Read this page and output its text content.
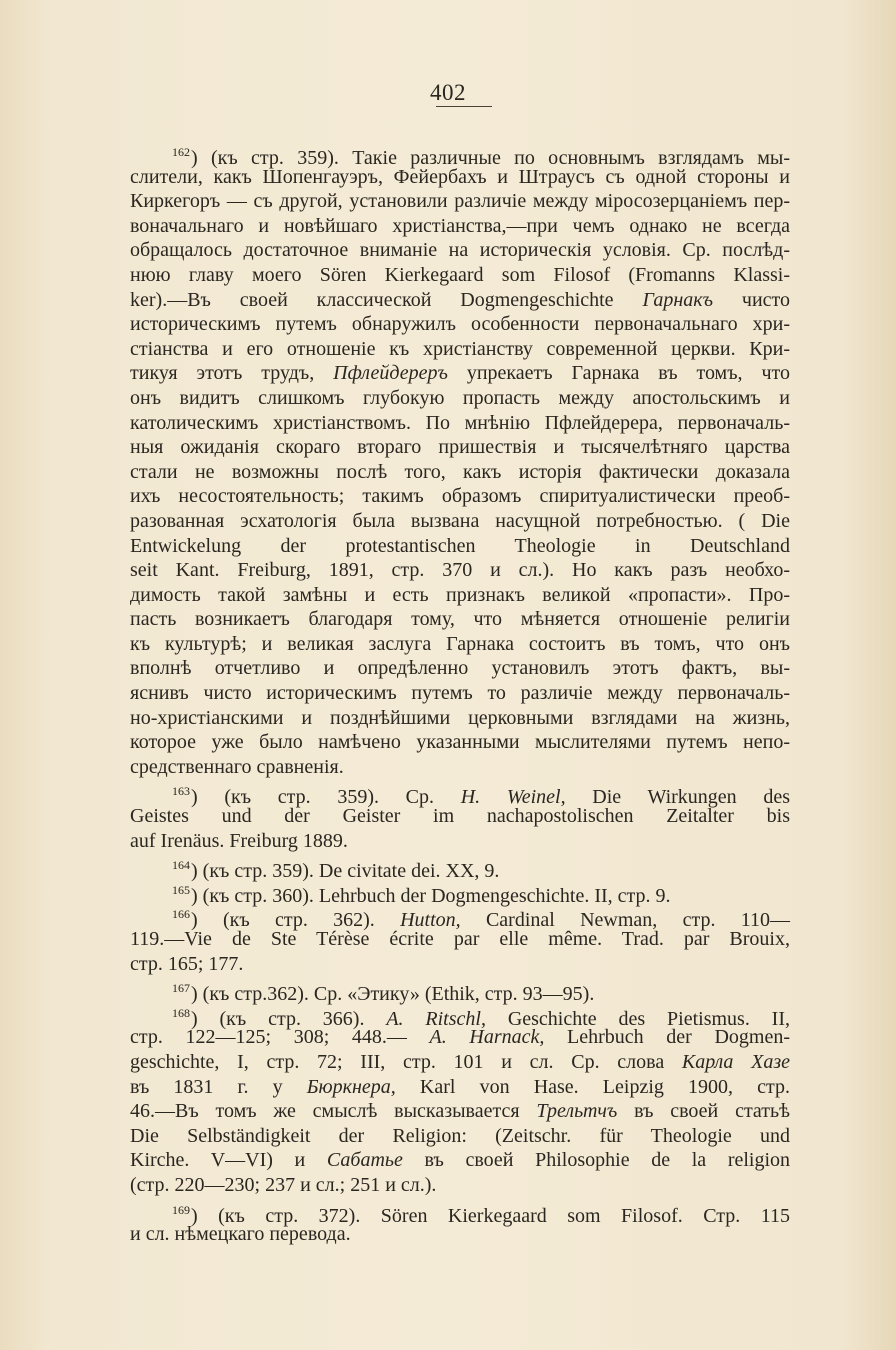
402
$^{162}$) (къ стр. 359). Такіе различные по основнымъ взглядамъ мы-
слители, какъ Шопенгауэръ, Фейербахъ и Штраусъ съ одной стороны и
Киркегоръ — съ другой, установили различіе между міросозерцаніемъ пер-
воначальнаго и новѣйшаго христіанства,—при чемъ однако не всегда
обращалось достаточное вниманіе на историческія условія. Ср. послѣд-
нюю главу моего Sören Kierkegaard som Filosof (Fromanns Klassi-
ker).—Въ своей классической Dogmengeschichte Гарнакъ чисто
историческимъ путемъ обнаружилъ особенности первоначальнаго хри-
стіанства и его отношеніе къ христіанству современной церкви. Кри-
тикуя этотъ трудъ, Пфлейдереръ упрекаетъ Гарнака въ томъ, что
онъ видитъ слишкомъ глубокую пропасть между апостольскимъ и
католическимъ христіанствомъ. По мнѣнію Пфлейдерера, первоначаль-
ныя ожиданія скораго втораго пришествія и тысячелѣтняго царства
стали не возможны послѣ того, какъ исторія фактически доказала
ихъ несостоятельность; такимъ образомъ спиритуалистически преоб-
разованная эсхатологія была вызвана насущной потребностью. ( Die
Entwickelung der protestantischen Theologie in Deutschland
seit Kant. Freiburg, 1891, стр. 370 и сл.). Но какъ разъ необхо-
димость такой замѣны и есть признакъ великой «пропасти». Про-
пасть возникаетъ благодаря тому, что мѣняется отношеніе религіи
къ культурѣ; и великая заслуга Гарнака состоитъ въ томъ, что онъ
вполнѣ отчетливо и опредѣленно установилъ этотъ фактъ, вы-
яснивъ чисто историческимъ путемъ то различіе между первоначаль-
но-христіанскими и позднѣйшими церковными взглядами на жизнь,
которое уже было намѣчено указанными мыслителями путемъ непо-
средственнаго сравненія.
$^{163}$) (къ стр. 359). Ср. H. Weinel, Die Wirkungen des
Geistes und der Geister im nachapostolischen Zeitalter bis
auf Irenäus. Freiburg 1889.
$^{164}$) (къ стр. 359). De civitate dei. XX, 9.
$^{165}$) (къ стр. 360). Lehrbuch der Dogmengeschichte. II, стр. 9.
$^{166}$) (къ стр. 362). Hutton, Cardinal Newman, стр. 110—
119.—Vie de Ste Térèse écrite par elle même. Trad. par Brouix,
стр. 165; 177.
$^{167}$) (къ стр.362). Ср. «Этику» (Ethik, стр. 93—95).
$^{168}$) (къ стр. 366). A. Ritschl, Geschichte des Pietismus. II,
стр. 122—125; 308; 448.— A. Harnack, Lehrbuch der Dogmen-
geschichte, I, стр. 72; III, стр. 101 и сл. Ср. слова Карла Хазе
въ 1831 г. у Бюркнера, Karl von Hase. Leipzig 1900, стр.
46.—Въ томъ же смыслѣ высказывается Трельтчъ въ своей статьѣ
Die Selbständigkeit der Religion: (Zeitschr. für Theologie und
Kirche. V—VI) и Сабатье въ своей Philosophie de la religion
(стр. 220—230; 237 и сл.; 251 и сл.).
$^{169}$) (къ стр. 372). Sören Kierkegaard som Filosof. Стр. 115
и сл. нѣмецкаго перевода.
